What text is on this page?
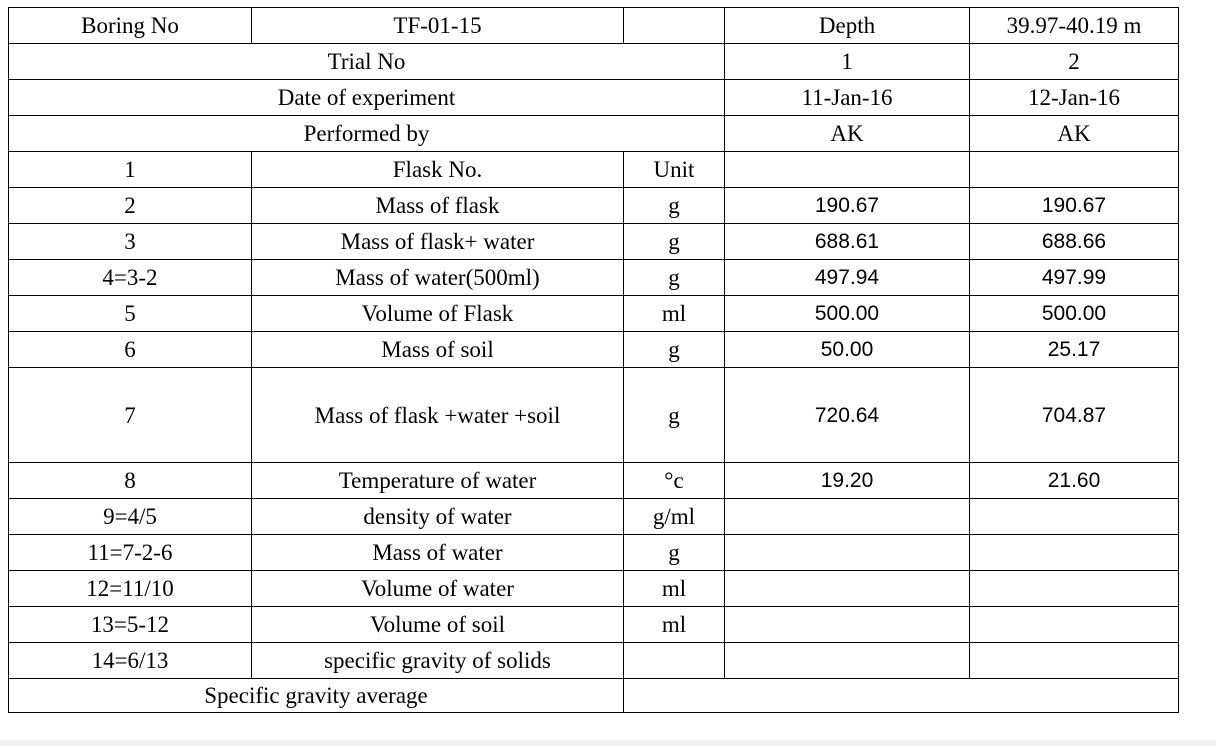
Boring No	TF-01-15		Depth	39.97-40.19 m
Trial No			1	2
Date of experiment			11-Jan-16	12-Jan-16
Performed by			AK	AK
1	Flask No.	Unit		
2	Mass of flask	g	190.67	190.67
3	Mass of flask+ water	g	688.61	688.66
4=3-2	Mass of water(500ml)	g	497.94	497.99
5	Volume of Flask	ml	500.00	500.00
6	Mass of soil	g	50.00	25.17
7	Mass of flask +water +soil	g	720.64	704.87
8	Temperature of water	°c	19.20	21.60
9=4/5	density of water	g/ml		
11=7-2-6	Mass of water	g		
12=11/10	Volume of water	ml		
13=5-12	Volume of soil	ml		
14=6/13	specific gravity of solids			
Specific gravity average				
